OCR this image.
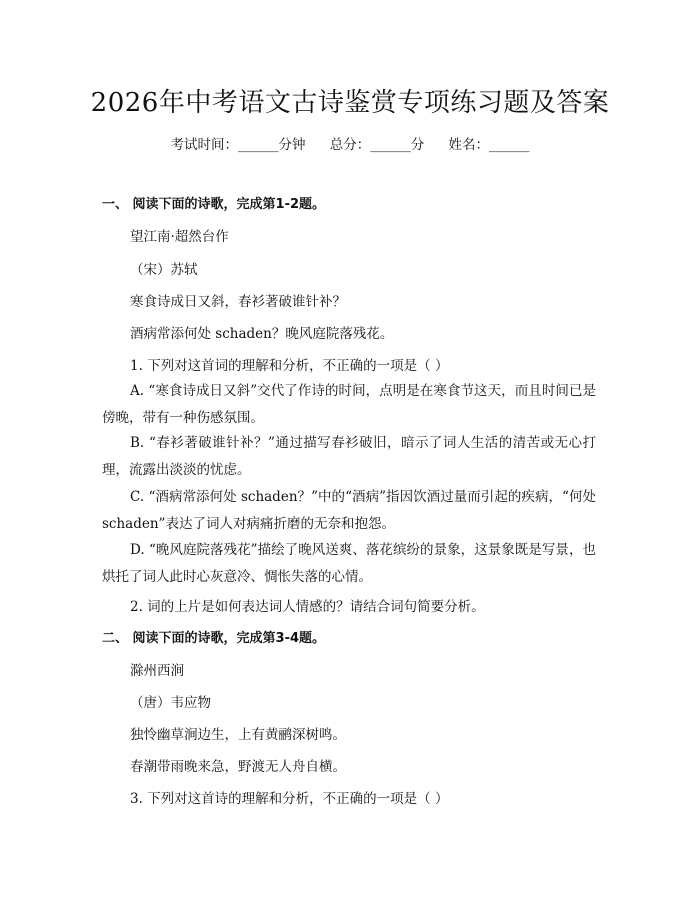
2026年中考语文古诗鉴赏专项练习题及答案
考试时间：______分钟 总分：______分 姓名：______
一、 阅读下面的诗歌，完成第1-2题。
望江南·超然台作
（宋）苏轼
寒食诗成日又斜，春衫著破谁针补？
酒病常添何处 schaden？晚风庭院落残花。
1. 下列对这首词的理解和分析，不正确的一项是（ ）
A. “寒食诗成日又斜”交代了作诗的时间，点明是在寒食节这天，而且时间已是傍晚，带有一种伤感氛围。
B. “春衫著破谁针补？”通过描写春衫破旧，暗示了词人生活的清苦或无心打理，流露出淡淡的忧虑。
C. “酒病常添何处 schaden？”中的“酒病”指因饮酒过量而引起的疾病，“何处 schaden”表达了词人对病痛折磨的无奈和抱怨。
D. “晚风庭院落残花”描绘了晚风送爽、落花缤纷的景象，这景象既是写景，也烘托了词人此时心灰意冷、惆怅失落的心情。
2. 词的上片是如何表达词人情感的？请结合词句简要分析。
二、 阅读下面的诗歌，完成第3-4题。
滁州西涧
（唐）韦应物
独怜幽草涧边生，上有黄鹂深树鸣。
春潮带雨晚来急，野渡无人舟自横。
3. 下列对这首诗的理解和分析，不正确的一项是（ ）
